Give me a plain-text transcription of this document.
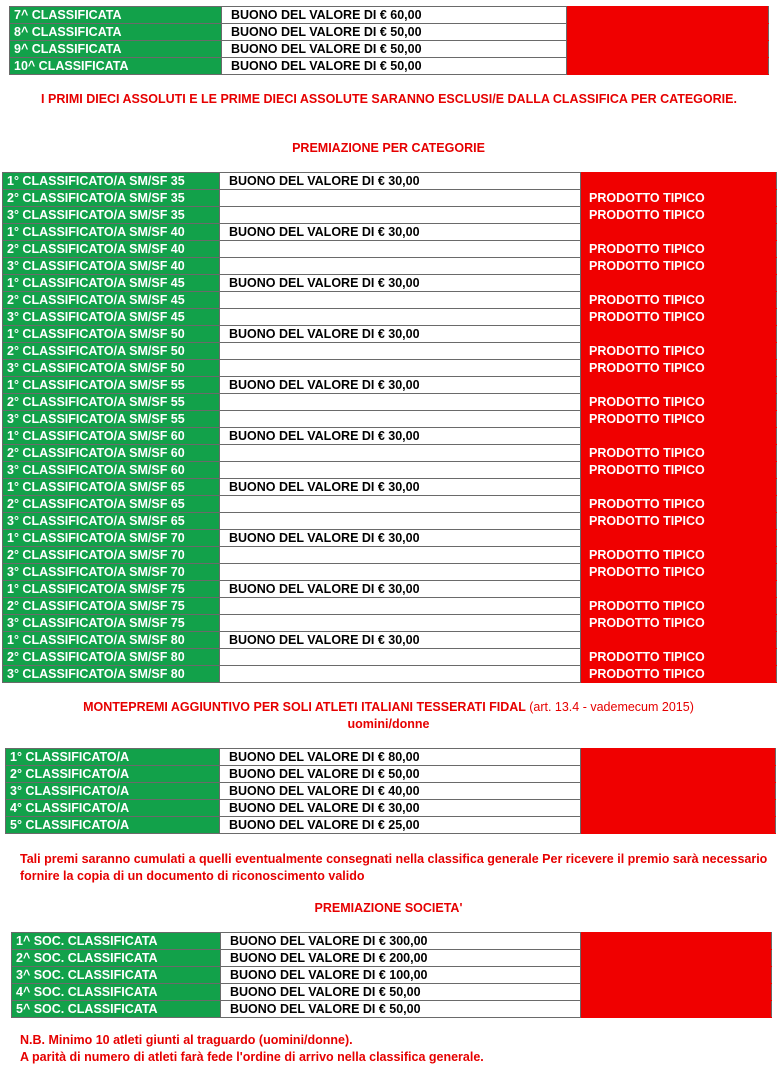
7^ CLASSIFICATA	BUONO DEL VALORE DI € 60,00	
8^ CLASSIFICATA	BUONO DEL VALORE DI € 50,00	
9^ CLASSIFICATA	BUONO DEL VALORE DI € 50,00	
10^ CLASSIFICATA	BUONO DEL VALORE DI € 50,00	
I PRIMI DIECI ASSOLUTI E LE PRIME DIECI ASSOLUTE SARANNO ESCLUSI/E DALLA CLASSIFICA PER CATEGORIE.
PREMIAZIONE PER CATEGORIE
1° CLASSIFICATO/A SM/SF 35	BUONO DEL VALORE DI € 30,00	
2° CLASSIFICATO/A SM/SF 35		PRODOTTO TIPICO
3° CLASSIFICATO/A SM/SF 35		PRODOTTO TIPICO
1° CLASSIFICATO/A SM/SF 40	BUONO DEL VALORE DI € 30,00	
2° CLASSIFICATO/A SM/SF 40		PRODOTTO TIPICO
3° CLASSIFICATO/A SM/SF 40		PRODOTTO TIPICO
1° CLASSIFICATO/A SM/SF 45	BUONO DEL VALORE DI € 30,00	
2° CLASSIFICATO/A SM/SF 45		PRODOTTO TIPICO
3° CLASSIFICATO/A SM/SF 45		PRODOTTO TIPICO
1° CLASSIFICATO/A SM/SF 50	BUONO DEL VALORE DI € 30,00	
2° CLASSIFICATO/A SM/SF 50		PRODOTTO TIPICO
3° CLASSIFICATO/A SM/SF 50		PRODOTTO TIPICO
1° CLASSIFICATO/A SM/SF 55	BUONO DEL VALORE DI € 30,00	
2° CLASSIFICATO/A SM/SF 55		PRODOTTO TIPICO
3° CLASSIFICATO/A SM/SF 55		PRODOTTO TIPICO
1° CLASSIFICATO/A SM/SF 60	BUONO DEL VALORE DI € 30,00	
2° CLASSIFICATO/A SM/SF 60		PRODOTTO TIPICO
3° CLASSIFICATO/A SM/SF 60		PRODOTTO TIPICO
1° CLASSIFICATO/A SM/SF 65	BUONO DEL VALORE DI € 30,00	
2° CLASSIFICATO/A SM/SF 65		PRODOTTO TIPICO
3° CLASSIFICATO/A SM/SF 65		PRODOTTO TIPICO
1° CLASSIFICATO/A SM/SF 70	BUONO DEL VALORE DI € 30,00	
2° CLASSIFICATO/A SM/SF 70		PRODOTTO TIPICO
3° CLASSIFICATO/A SM/SF 70		PRODOTTO TIPICO
1° CLASSIFICATO/A SM/SF 75	BUONO DEL VALORE DI € 30,00	
2° CLASSIFICATO/A SM/SF 75		PRODOTTO TIPICO
3° CLASSIFICATO/A SM/SF 75		PRODOTTO TIPICO
1° CLASSIFICATO/A SM/SF 80	BUONO DEL VALORE DI € 30,00	
2° CLASSIFICATO/A SM/SF 80		PRODOTTO TIPICO
3° CLASSIFICATO/A SM/SF 80		PRODOTTO TIPICO
MONTEPREMI AGGIUNTIVO PER SOLI ATLETI ITALIANI TESSERATI FIDAL (art. 13.4 - vademecum 2015)
uomini/donne
1° CLASSIFICATO/A	BUONO DEL VALORE DI € 80,00	
2° CLASSIFICATO/A	BUONO DEL VALORE DI € 50,00	
3° CLASSIFICATO/A	BUONO DEL VALORE DI € 40,00	
4° CLASSIFICATO/A	BUONO DEL VALORE DI € 30,00	
5° CLASSIFICATO/A	BUONO DEL VALORE DI € 25,00	
Tali premi saranno cumulati a quelli eventualmente consegnati nella classifica generale Per ricevere il premio sarà necessario fornire la copia di un documento di riconoscimento valido
PREMIAZIONE SOCIETA'
1^ SOC. CLASSIFICATA	BUONO DEL VALORE DI € 300,00	
2^ SOC. CLASSIFICATA	BUONO DEL VALORE DI € 200,00	
3^ SOC. CLASSIFICATA	BUONO DEL VALORE DI € 100,00	
4^ SOC. CLASSIFICATA	BUONO DEL VALORE DI € 50,00	
5^ SOC. CLASSIFICATA	BUONO DEL VALORE DI € 50,00	
N.B. Minimo 10 atleti giunti al traguardo (uomini/donne).
A parità di numero di atleti farà fede l'ordine di arrivo nella classifica generale.
